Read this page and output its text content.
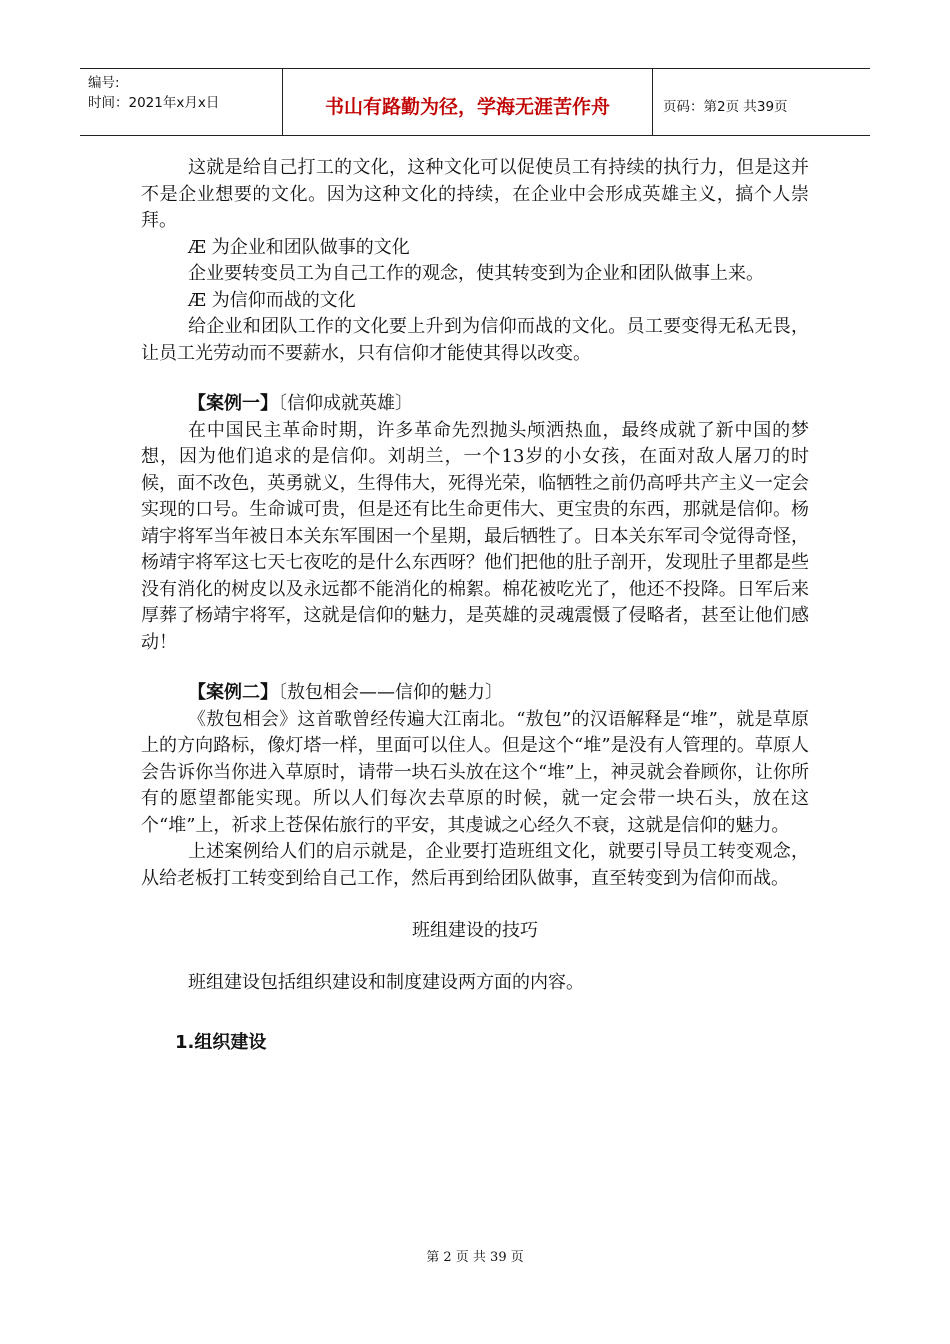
编号:
时间：2021年x月x日	书山有路勤为径，学海无涯苦作舟	页码：第2页 共39页

这就是给自己打工的文化，这种文化可以促使员工有持续的执行力，但是这并不是企业想要的文化。因为这种文化的持续，在企业中会形成英雄主义，搞个人崇拜。

Æ 为企业和团队做事的文化

企业要转变员工为自己工作的观念，使其转变到为企业和团队做事上来。

Æ 为信仰而战的文化

给企业和团队工作的文化要上升到为信仰而战的文化。员工要变得无私无畏，让员工光劳动而不要薪水，只有信仰才能使其得以改变。

【案例一】〔信仰成就英雄〕

在中国民主革命时期，许多革命先烈抛头颅洒热血，最终成就了新中国的梦想，因为他们追求的是信仰。刘胡兰，一个13岁的小女孩，在面对敌人屠刀的时候，面不改色，英勇就义，生得伟大，死得光荣，临牺牲之前仍高呼共产主义一定会实现的口号。生命诚可贵，但是还有比生命更伟大、更宝贵的东西，那就是信仰。杨靖宇将军当年被日本关东军围困一个星期，最后牺牲了。日本关东军司令觉得奇怪，杨靖宇将军这七天七夜吃的是什么东西呀？他们把他的肚子剖开，发现肚子里都是些没有消化的树皮以及永远都不能消化的棉絮。棉花被吃光了，他还不投降。日军后来厚葬了杨靖宇将军，这就是信仰的魅力，是英雄的灵魂震慑了侵略者，甚至让他们感动！

【案例二】〔敖包相会——信仰的魅力〕

《敖包相会》这首歌曾经传遍大江南北。“敖包”的汉语解释是“堆”，就是草原上的方向路标，像灯塔一样，里面可以住人。但是这个“堆”是没有人管理的。草原人会告诉你当你进入草原时，请带一块石头放在这个“堆”上，神灵就会眷顾你，让你所有的愿望都能实现。所以人们每次去草原的时候，就一定会带一块石头，放在这个“堆”上，祈求上苍保佑旅行的平安，其虔诚之心经久不衰，这就是信仰的魅力。

上述案例给人们的启示就是，企业要打造班组文化，就要引导员工转变观念，从给老板打工转变到给自己工作，然后再到给团队做事，直至转变到为信仰而战。

班组建设的技巧

班组建设包括组织建设和制度建设两方面的内容。

1.组织建设

第 2 页 共 39 页
